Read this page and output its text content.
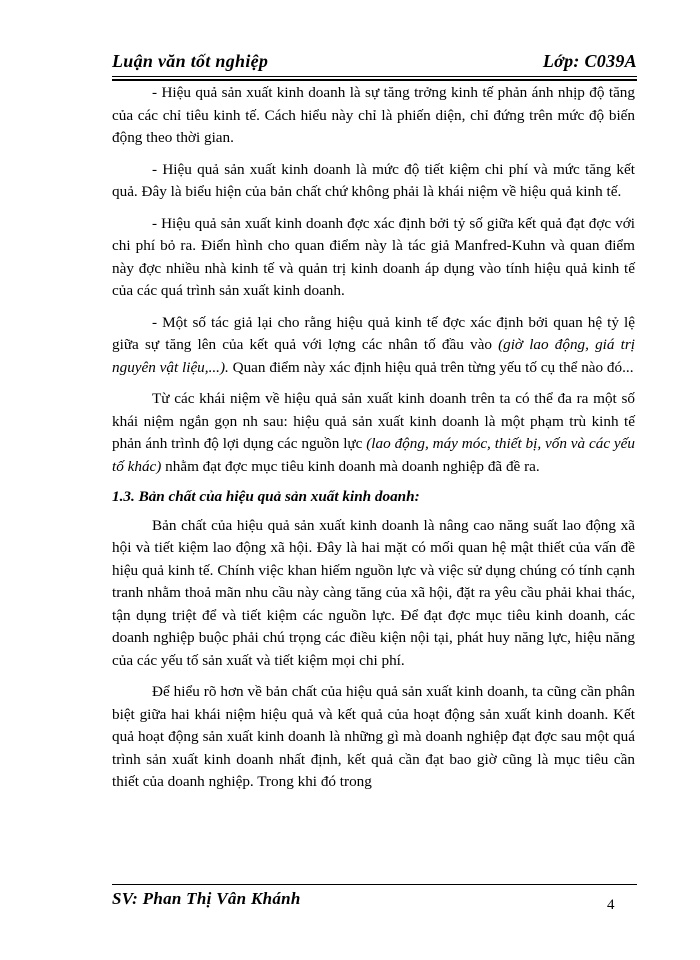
Luận văn tốt nghiệp	Lớp: C039A

- Hiệu quả sản xuất kinh doanh là sự tăng trởng kinh tế phản ánh nhịp độ tăng của các chỉ tiêu kinh tế. Cách hiểu này chỉ là phiến diện, chỉ đứng trên mức độ biến động theo thời gian.

- Hiệu quả sản xuất kinh doanh là mức độ tiết kiệm chi phí và mức tăng kết quả. Đây là biểu hiện của bản chất chứ không phải là khái niệm về hiệu quả kinh tế.

- Hiệu quả sản xuất kinh doanh đợc xác định bởi tỷ số giữa kết quả đạt đợc với chi phí bỏ ra. Điển hình cho quan điểm này là tác giả Manfred-Kuhn và quan điểm này đợc nhiều nhà kinh tế và quản trị kinh doanh áp dụng vào tính hiệu quả kinh tế của các quá trình sản xuất kinh doanh.

- Một số tác giả lại cho rằng hiệu quả kinh tế đợc xác định bởi quan hệ tỷ lệ giữa sự tăng lên của kết quả với lợng các nhân tố đầu vào (giờ lao động, giá trị nguyên vật liệu,...). Quan điểm này xác định hiệu quả trên từng yếu tố cụ thể nào đó...

Từ các khái niệm về hiệu quả sản xuất kinh doanh trên ta có thể đa ra một số khái niệm ngắn gọn nh sau: hiệu quả sản xuất kinh doanh là một phạm trù kinh tế phản ánh trình độ lợi dụng các nguồn lực (lao động, máy móc, thiết bị, vốn và các yếu tố khác) nhằm đạt đợc mục tiêu kinh doanh mà doanh nghiệp đã đề ra.

1.3. Bản chất của hiệu quả sản xuất kinh doanh:

Bản chất của hiệu quả sản xuất kinh doanh là nâng cao năng suất lao động xã hội và tiết kiệm lao động xã hội. Đây là hai mặt có mối quan hệ mật thiết của vấn đề hiệu quả kinh tế. Chính việc khan hiếm nguồn lực và việc sử dụng chúng có tính cạnh tranh nhằm thoả mãn nhu cầu này càng tăng của xã hội, đặt ra yêu cầu phải khai thác, tận dụng triệt để và tiết kiệm các nguồn lực. Để đạt đợc mục tiêu kinh doanh, các doanh nghiệp buộc phải chú trọng các điều kiện nội tại, phát huy năng lực, hiệu năng của các yếu tố sản xuất và tiết kiệm mọi chi phí.

Để hiểu rõ hơn về bản chất của hiệu quả sản xuất kinh doanh, ta cũng cần phân biệt giữa hai khái niệm hiệu quả và kết quả của hoạt động sản xuất kinh doanh. Kết quả hoạt động sản xuất kinh doanh là những gì mà doanh nghiệp đạt đợc sau một quá trình sản xuất kinh doanh nhất định, kết quả cần đạt bao giờ cũng là mục tiêu cần thiết của doanh nghiệp. Trong khi đó trong

SV: Phan Thị Vân Khánh	4
